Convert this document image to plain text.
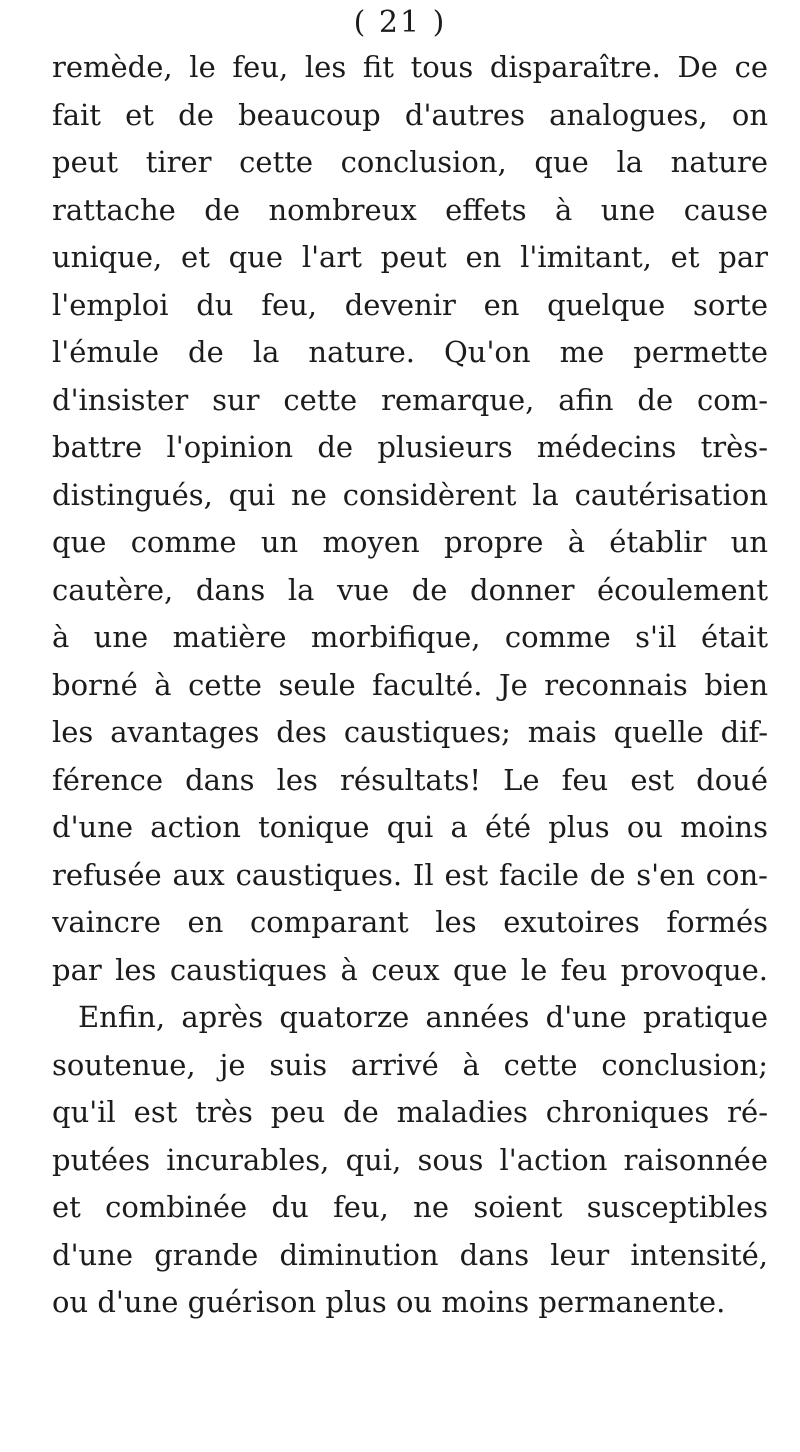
( 21 )
remède, le feu, les fit tous disparaître. De ce
fait et de beaucoup d'autres analogues, on
peut tirer cette conclusion, que la nature
rattache de nombreux effets à une cause
unique, et que l'art peut en l'imitant, et par
l'emploi du feu, devenir en quelque sorte
l'émule de la nature. Qu'on me permette
d'insister sur cette remarque, afin de com-
battre l'opinion de plusieurs médecins très-
distingués, qui ne considèrent la cautérisation
que comme un moyen propre à établir un
cautère, dans la vue de donner écoulement
à une matière morbifique, comme s'il était
borné à cette seule faculté. Je reconnais bien
les avantages des caustiques; mais quelle dif-
férence dans les résultats! Le feu est doué
d'une action tonique qui a été plus ou moins
refusée aux caustiques. Il est facile de s'en con-
vaincre en comparant les exutoires formés
par les caustiques à ceux que le feu provoque.
Enfin, après quatorze années d'une pratique
soutenue, je suis arrivé à cette conclusion;
qu'il est très peu de maladies chroniques ré-
putées incurables, qui, sous l'action raisonnée
et combinée du feu, ne soient susceptibles
d'une grande diminution dans leur intensité,
ou d'une guérison plus ou moins permanente.
